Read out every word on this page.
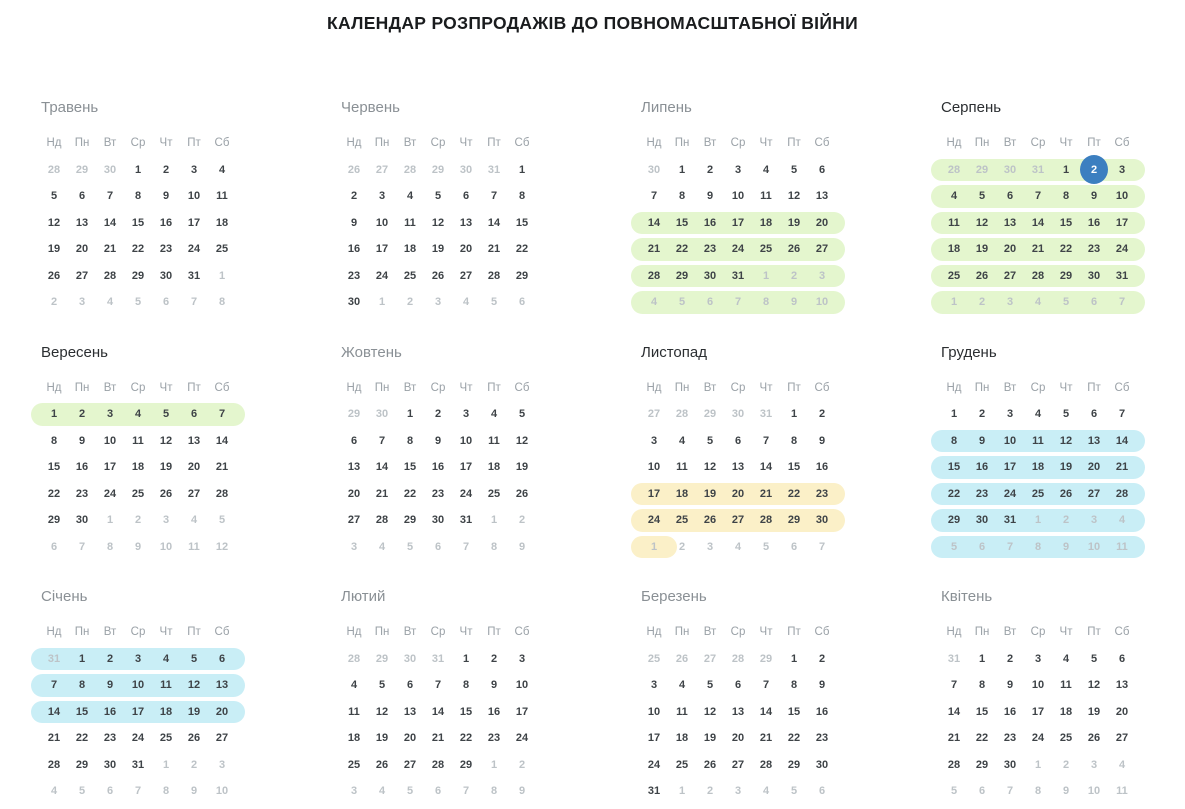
КАЛЕНДАР РОЗПРОДАЖІВ ДО ПОВНОМАСШТАБНОЇ ВІЙНИ
Травень
Нд	Пн	Вт	Ср	Чт	Пт	Сб
28	29	30	1	2	3	4
5	6	7	8	9	10	11
12	13	14	15	16	17	18
19	20	21	22	23	24	25
26	27	28	29	30	31	1
2	3	4	5	6	7	8
Червень
Нд	Пн	Вт	Ср	Чт	Пт	Сб
26	27	28	29	30	31	1
2	3	4	5	6	7	8
9	10	11	12	13	14	15
16	17	18	19	20	21	22
23	24	25	26	27	28	29
30	1	2	3	4	5	6
Липень
Нд	Пн	Вт	Ср	Чт	Пт	Сб
30	1	2	3	4	5	6
7	8	9	10	11	12	13
14	15	16	17	18	19	20
21	22	23	24	25	26	27
28	29	30	31	1	2	3
4	5	6	7	8	9	10
Серпень
Нд	Пн	Вт	Ср	Чт	Пт	Сб
28	29	30	31	1	2	3
4	5	6	7	8	9	10
11	12	13	14	15	16	17
18	19	20	21	22	23	24
25	26	27	28	29	30	31
1	2	3	4	5	6	7
Вересень
Нд	Пн	Вт	Ср	Чт	Пт	Сб
1	2	3	4	5	6	7
8	9	10	11	12	13	14
15	16	17	18	19	20	21
22	23	24	25	26	27	28
29	30	1	2	3	4	5
6	7	8	9	10	11	12
Жовтень
Нд	Пн	Вт	Ср	Чт	Пт	Сб
29	30	1	2	3	4	5
6	7	8	9	10	11	12
13	14	15	16	17	18	19
20	21	22	23	24	25	26
27	28	29	30	31	1	2
3	4	5	6	7	8	9
Листопад
Нд	Пн	Вт	Ср	Чт	Пт	Сб
27	28	29	30	31	1	2
3	4	5	6	7	8	9
10	11	12	13	14	15	16
17	18	19	20	21	22	23
24	25	26	27	28	29	30
1	2	3	4	5	6	7
Грудень
Нд	Пн	Вт	Ср	Чт	Пт	Сб
1	2	3	4	5	6	7
8	9	10	11	12	13	14
15	16	17	18	19	20	21
22	23	24	25	26	27	28
29	30	31	1	2	3	4
5	6	7	8	9	10	11
Січень
Нд	Пн	Вт	Ср	Чт	Пт	Сб
31	1	2	3	4	5	6
7	8	9	10	11	12	13
14	15	16	17	18	19	20
21	22	23	24	25	26	27
28	29	30	31	1	2	3
4	5	6	7	8	9	10
Лютий
Нд	Пн	Вт	Ср	Чт	Пт	Сб
28	29	30	31	1	2	3
4	5	6	7	8	9	10
11	12	13	14	15	16	17
18	19	20	21	22	23	24
25	26	27	28	29	1	2
3	4	5	6	7	8	9
Березень
Нд	Пн	Вт	Ср	Чт	Пт	Сб
25	26	27	28	29	1	2
3	4	5	6	7	8	9
10	11	12	13	14	15	16
17	18	19	20	21	22	23
24	25	26	27	28	29	30
31	1	2	3	4	5	6
Квітень
Нд	Пн	Вт	Ср	Чт	Пт	Сб
31	1	2	3	4	5	6
7	8	9	10	11	12	13
14	15	16	17	18	19	20
21	22	23	24	25	26	27
28	29	30	1	2	3	4
5	6	7	8	9	10	11
